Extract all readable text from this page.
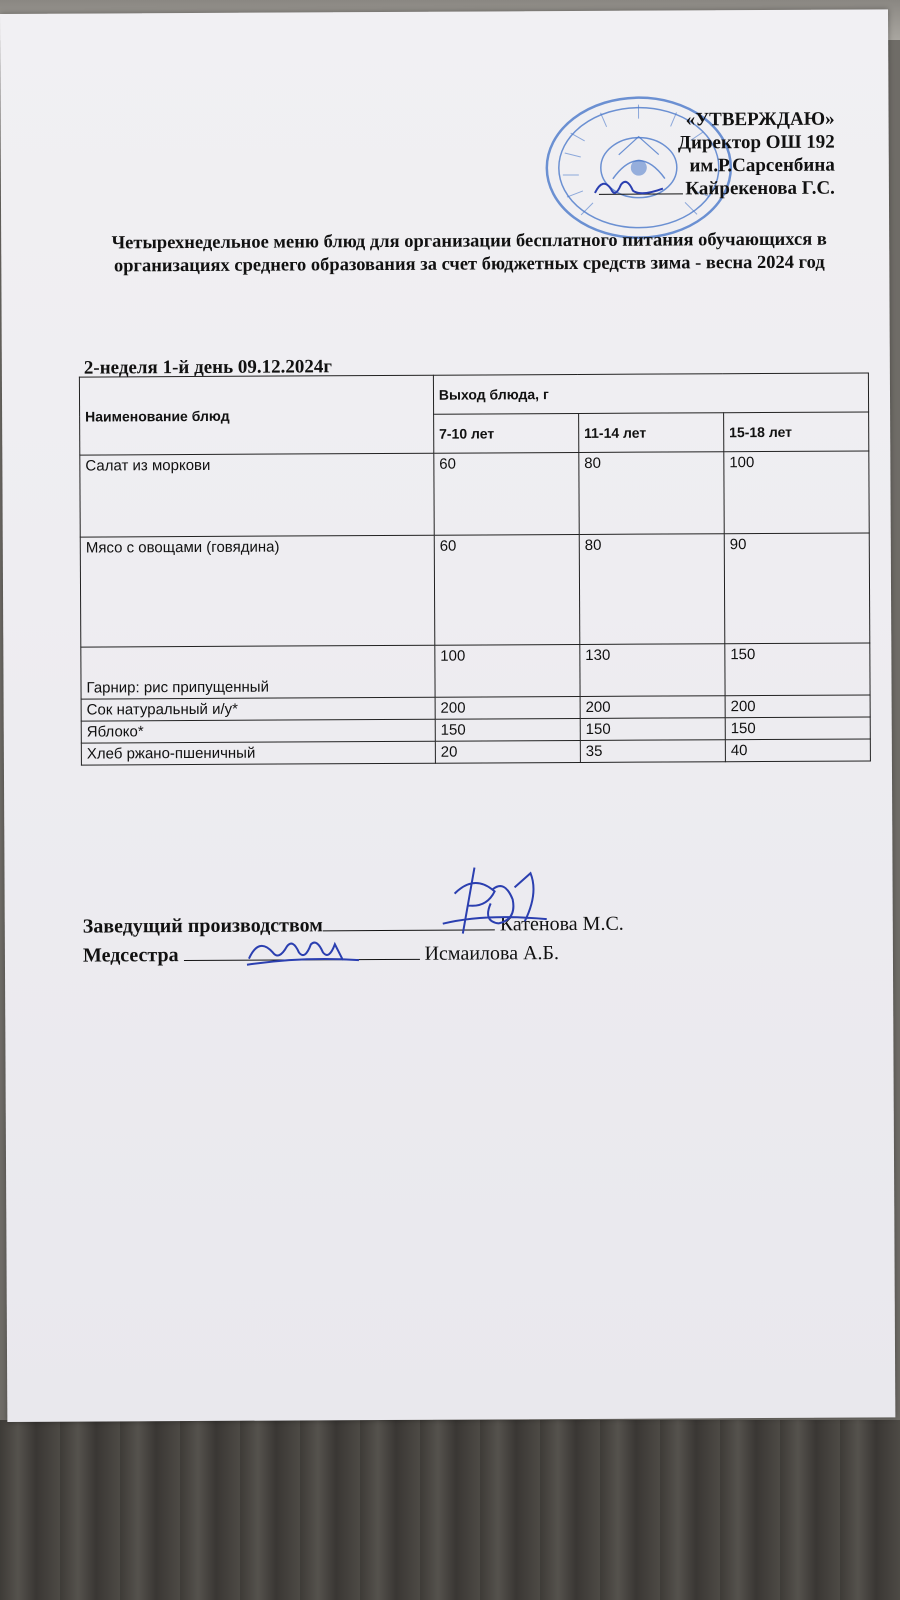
«УТВЕРЖДАЮ»
Директор ОШ 192
им.Р.Сарсенбина
Кайрекенова Г.С.
Четырехнедельное меню блюд для организации бесплатного питания обучающихся в организациях среднего образования за счет бюджетных средств зима - весна 2024 год
2-неделя 1-й день 09.12.2024г
Наименование блюд	Выход блюда, г		
	7-10 лет	11-14 лет	15-18 лет
Салат из моркови	60	80	100
Мясо с овощами (говядина)	60	80	90
Гарнир: рис припущенный	100	130	150
Сок натуральный и/у*	200	200	200
Яблоко*	150	150	150
Хлеб ржано-пшеничный	20	35	40
Заведущий производством	Катенова М.С.
Медсестра	Исмаилова А.Б.
